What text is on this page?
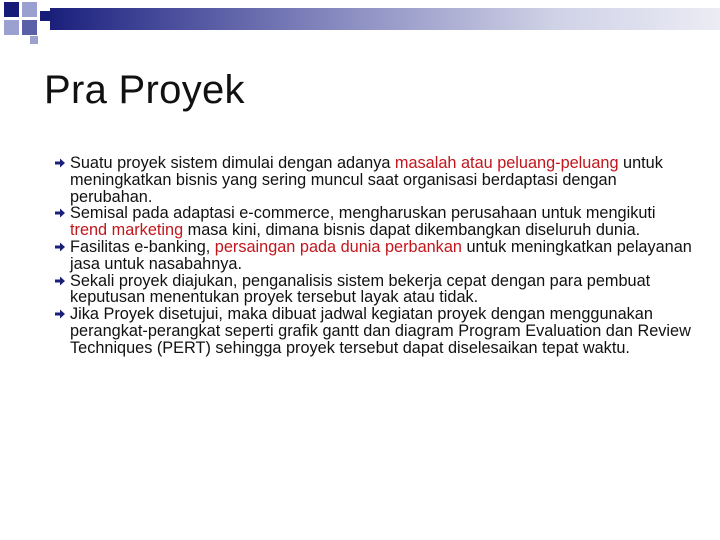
Pra Proyek
Suatu proyek sistem dimulai dengan adanya masalah atau peluang-peluang untuk meningkatkan bisnis yang sering muncul saat organisasi berdaptasi dengan perubahan.
Semisal pada adaptasi e-commerce, mengharuskan perusahaan untuk mengikuti trend marketing masa kini, dimana bisnis dapat dikembangkan diseluruh dunia.
Fasilitas e-banking, persaingan pada dunia perbankan untuk meningkatkan pelayanan jasa untuk nasabahnya.
Sekali proyek diajukan, penganalisis sistem bekerja cepat dengan para pembuat keputusan menentukan proyek tersebut layak atau tidak.
Jika Proyek disetujui, maka dibuat jadwal kegiatan proyek dengan menggunakan perangkat-perangkat seperti grafik gantt dan diagram Program Evaluation dan Review Techniques (PERT) sehingga proyek tersebut dapat diselesaikan tepat waktu.
